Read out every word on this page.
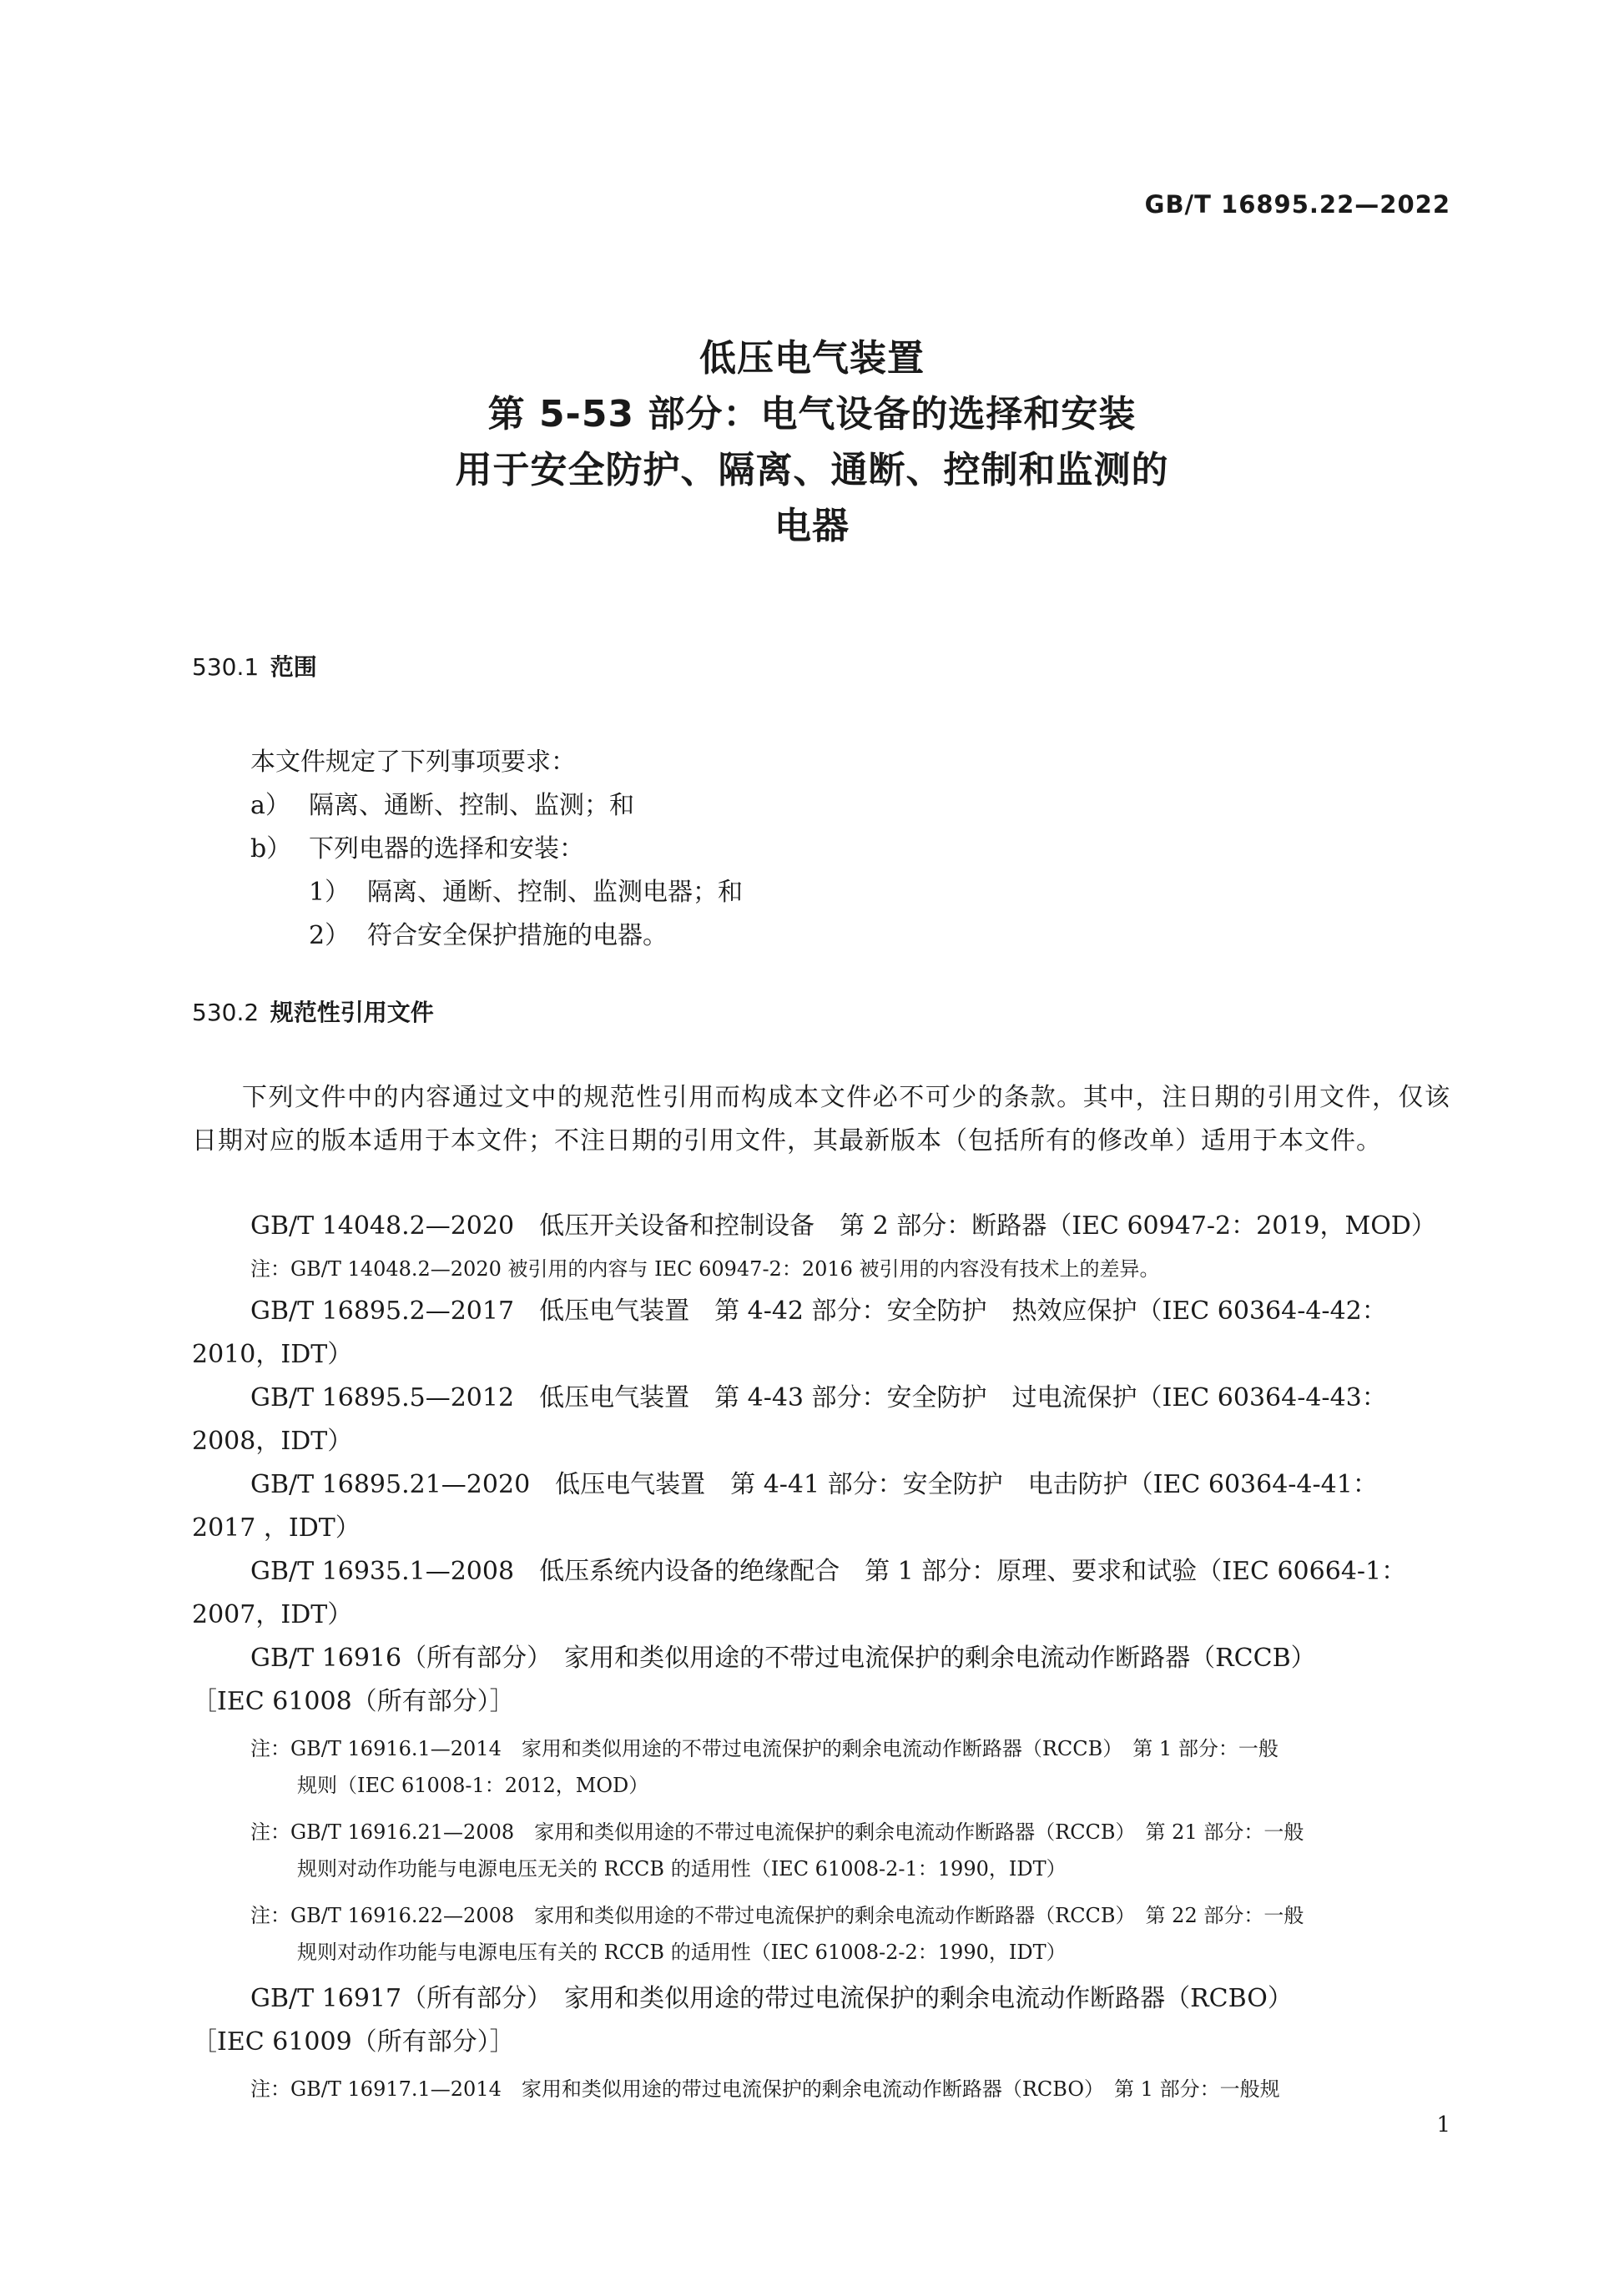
GB/T 16895.22—2022
低压电气装置
第 5-53 部分：电气设备的选择和安装
用于安全防护、隔离、通断、控制和监测的
电器
530.1 范围
本文件规定了下列事项要求：
a） 隔离、通断、控制、监测；和
b） 下列电器的选择和安装：
1） 隔离、通断、控制、监测电器；和
2） 符合安全保护措施的电器。
530.2 规范性引用文件
下列文件中的内容通过文中的规范性引用而构成本文件必不可少的条款。其中，注日期的引用文件，仅该日期对应的版本适用于本文件；不注日期的引用文件，其最新版本（包括所有的修改单）适用于本文件。
GB/T 14048.2—2020　低压开关设备和控制设备　第 2 部分：断路器（IEC 60947-2：2019，MOD）
注：GB/T 14048.2—2020 被引用的内容与 IEC 60947-2：2016 被引用的内容没有技术上的差异。
GB/T 16895.2—2017　低压电气装置　第 4-42 部分：安全防护　热效应保护（IEC 60364-4-42：
2010，IDT）
GB/T 16895.5—2012　低压电气装置　第 4-43 部分：安全防护　过电流保护（IEC 60364-4-43：
2008，IDT）
GB/T 16895.21—2020　低压电气装置　第 4-41 部分：安全防护　电击防护（IEC 60364-4-41：
2017 ，IDT）
GB/T 16935.1—2008　低压系统内设备的绝缘配合　第 1 部分：原理、要求和试验（IEC 60664-1：
2007，IDT）
GB/T 16916（所有部分）　家用和类似用途的不带过电流保护的剩余电流动作断路器（RCCB）
［IEC 61008（所有部分）］
注：GB/T 16916.1—2014　家用和类似用途的不带过电流保护的剩余电流动作断路器（RCCB）　第 1 部分：一般
规则（IEC 61008-1：2012，MOD）
注：GB/T 16916.21—2008　家用和类似用途的不带过电流保护的剩余电流动作断路器（RCCB）　第 21 部分：一般
规则对动作功能与电源电压无关的 RCCB 的适用性（IEC 61008-2-1：1990，IDT）
注：GB/T 16916.22—2008　家用和类似用途的不带过电流保护的剩余电流动作断路器（RCCB）　第 22 部分：一般
规则对动作功能与电源电压有关的 RCCB 的适用性（IEC 61008-2-2：1990，IDT）
GB/T 16917（所有部分）　家用和类似用途的带过电流保护的剩余电流动作断路器（RCBO）
［IEC 61009（所有部分）］
注：GB/T 16917.1—2014　家用和类似用途的带过电流保护的剩余电流动作断路器（RCBO）　第 1 部分：一般规
1
